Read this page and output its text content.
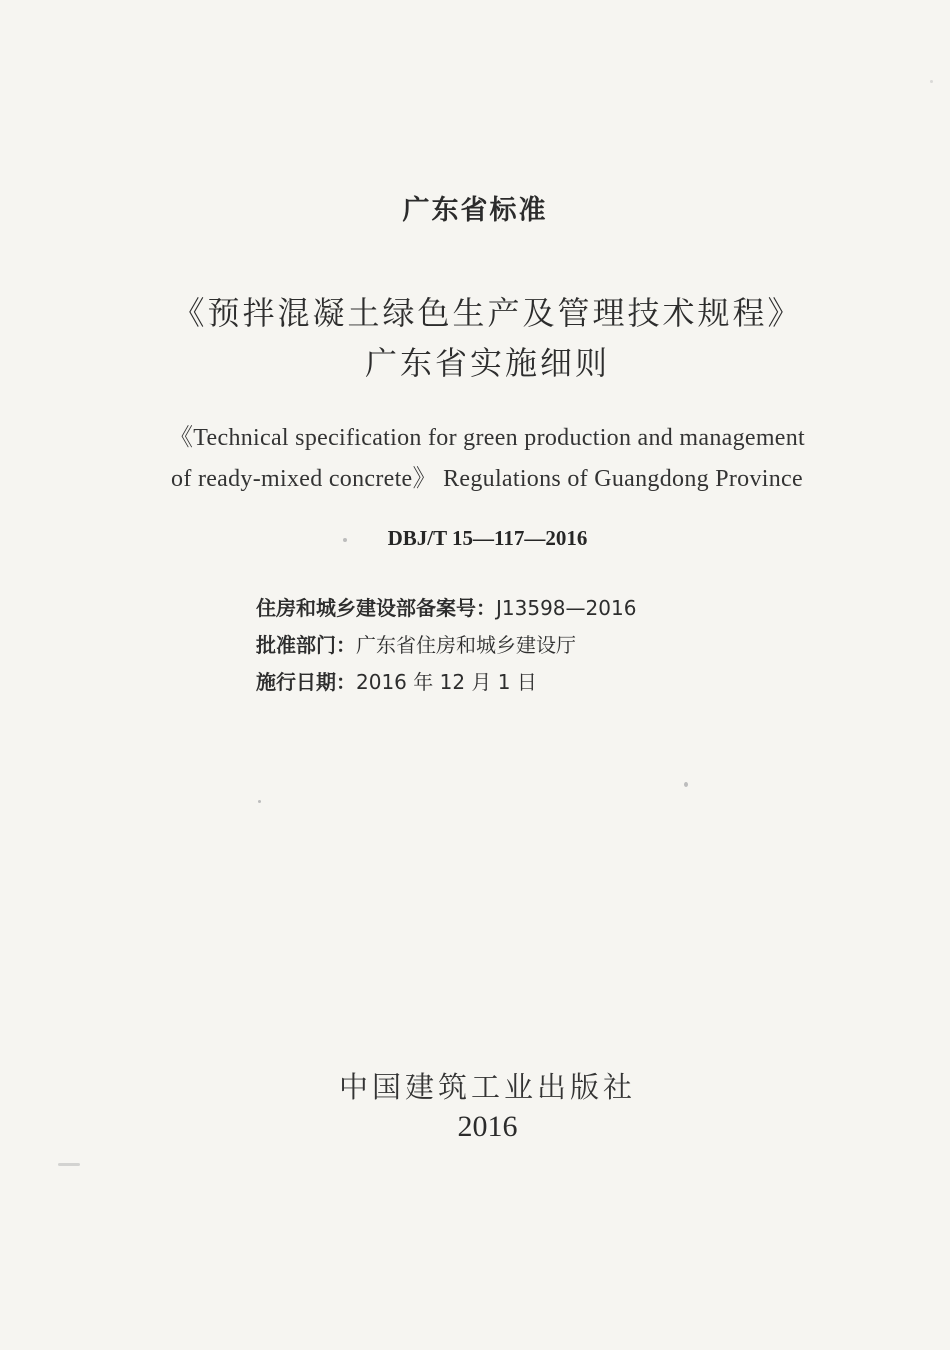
广东省标准
《预拌混凝土绿色生产及管理技术规程》
广东省实施细则
《Technical specification for green production and management
of ready-mixed concrete》 Regulations of Guangdong Province
DBJ/T 15—117—2016
住房和城乡建设部备案号：J13598—2016
批准部门：广东省住房和城乡建设厅
施行日期：2016 年 12 月 1 日
中国建筑工业出版社
2016
